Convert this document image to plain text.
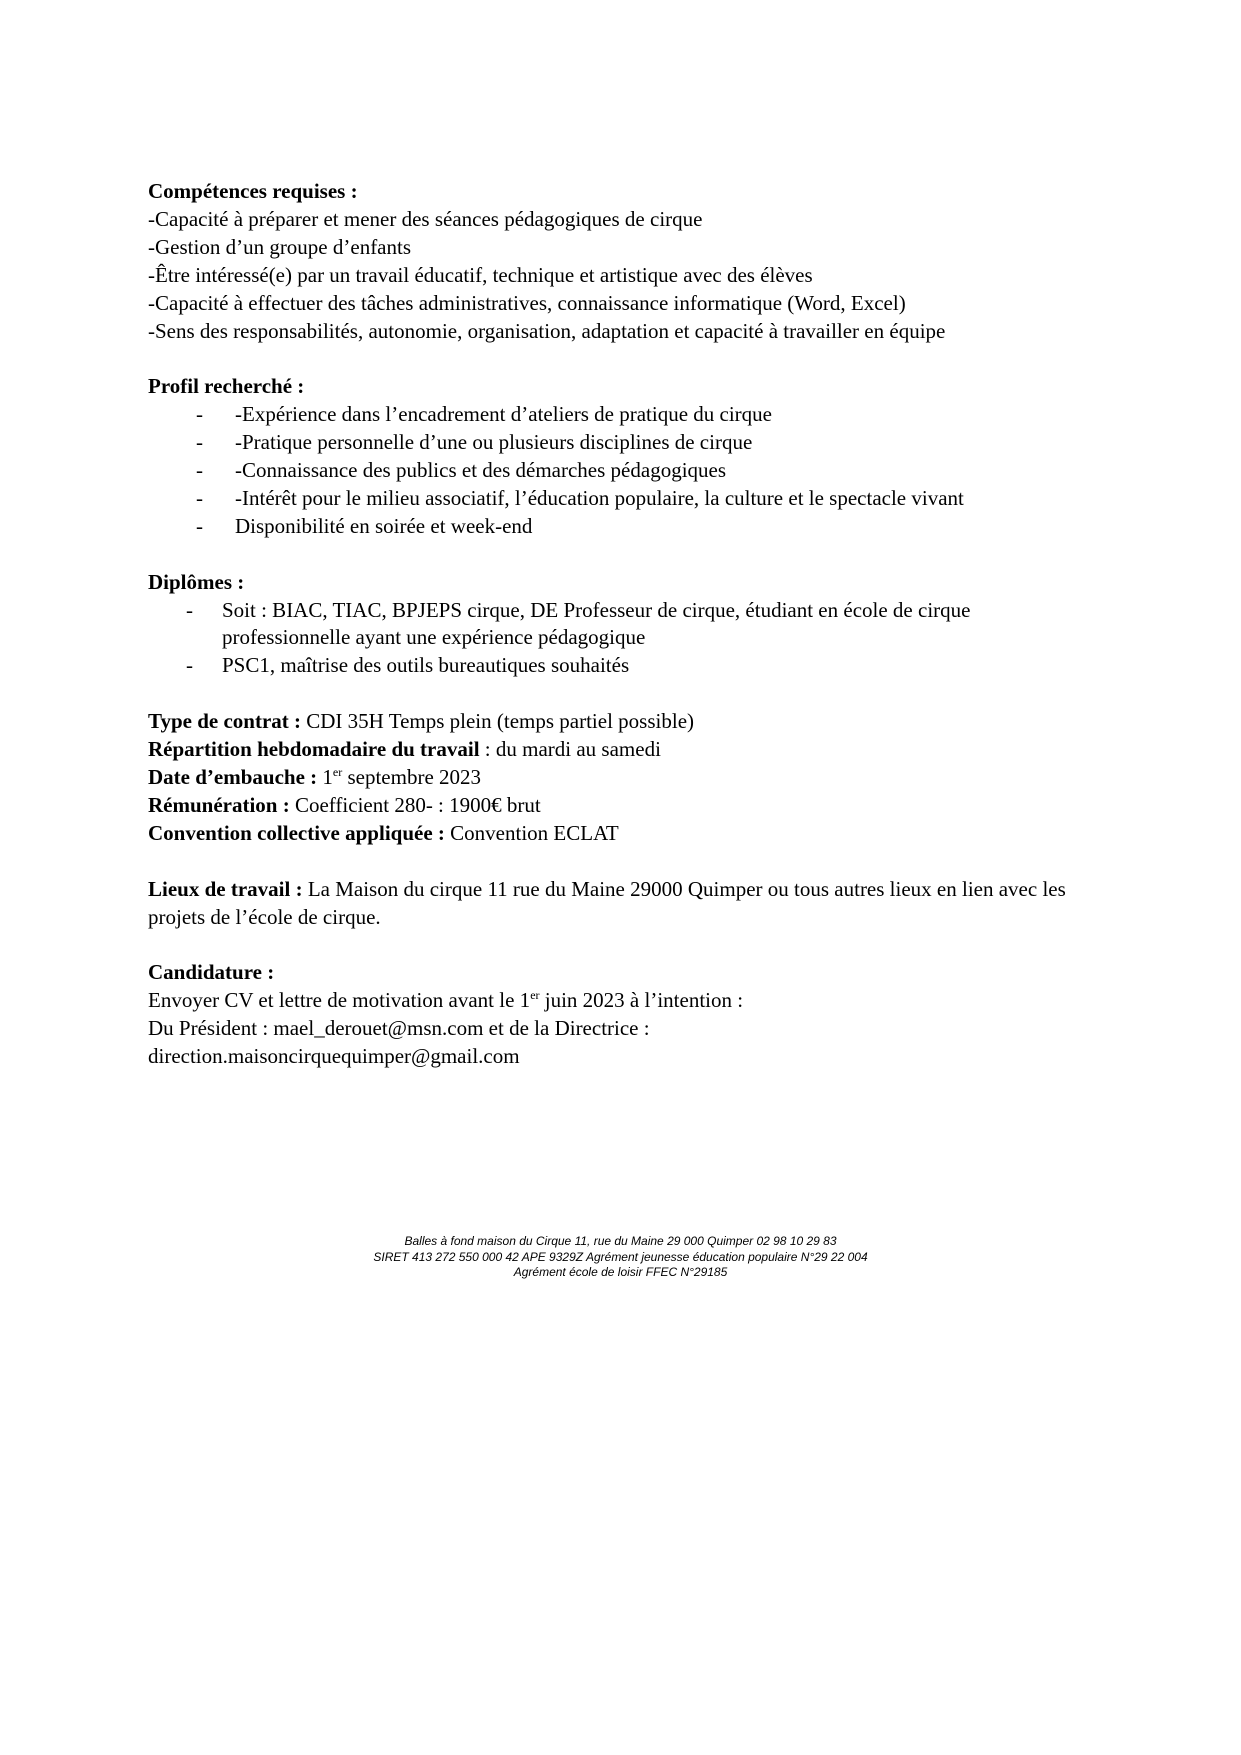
Compétences requises :
-Capacité à préparer et mener des séances pédagogiques de cirque
-Gestion d’un groupe d’enfants
-Être intéressé(e) par un travail éducatif, technique et artistique avec des élèves
-Capacité à effectuer des tâches administratives, connaissance informatique (Word, Excel)
-Sens des responsabilités, autonomie, organisation, adaptation et capacité à travailler en équipe
Profil recherché :
-	-Expérience dans l’encadrement d’ateliers de pratique du cirque
-	-Pratique personnelle d’une ou plusieurs disciplines de cirque
-	-Connaissance des publics et des démarches pédagogiques
-	-Intérêt pour le milieu associatif, l’éducation populaire, la culture et le spectacle vivant
-	Disponibilité en soirée et week-end
Diplômes :
-	Soit : BIAC, TIAC, BPJEPS cirque, DE Professeur de cirque, étudiant en école de cirque professionnelle ayant une expérience pédagogique
-	PSC1, maîtrise des outils bureautiques souhaités
Type de contrat : CDI 35H Temps plein (temps partiel possible)
Répartition hebdomadaire du travail : du mardi au samedi
Date d’embauche : 1er septembre 2023
Rémunération : Coefficient 280- : 1900€ brut
Convention collective appliquée : Convention ECLAT
Lieux de travail : La Maison du cirque 11 rue du Maine 29000 Quimper ou tous autres lieux en lien avec les projets de l’école de cirque.
Candidature :
Envoyer CV et lettre de motivation avant le 1er juin 2023 à l’intention :
Du Président : mael_derouet@msn.com et de la Directrice :
direction.maisoncirquequimper@gmail.com
Balles à fond maison du Cirque 11, rue du Maine 29 000 Quimper 02 98 10 29 83
SIRET 413 272 550 000 42 APE 9329Z Agrément jeunesse éducation populaire N°29 22 004
Agrément école de loisir FFEC N°29185
